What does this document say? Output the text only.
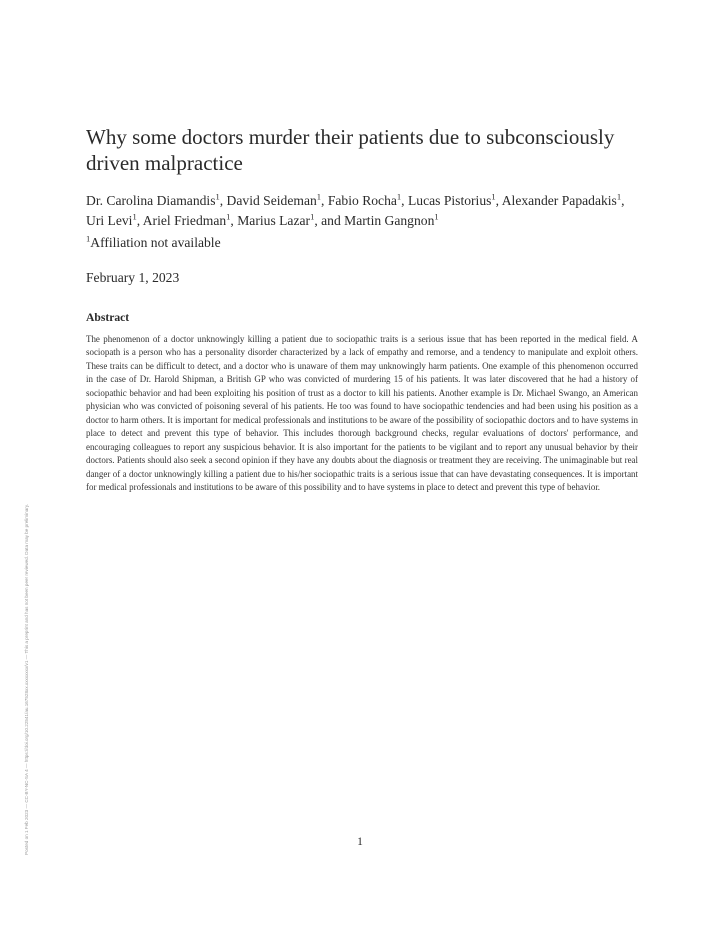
Why some doctors murder their patients due to subconsciously driven malpractice

Dr. Carolina Diamandis$^1$, David Seideman$^1$, Fabio Rocha$^1$, Lucas Pistorius$^1$, Alexander Papadakis$^1$, Uri Levi$^1$, Ariel Friedman$^1$, Marius Lazar$^1$, and Martin Gangnon$^1$

$^1$Affiliation not available

February 1, 2023

Abstract

The phenomenon of a doctor unknowingly killing a patient due to sociopathic traits is a serious issue that has been reported in the medical field. A sociopath is a person who has a personality disorder characterized by a lack of empathy and remorse, and a tendency to manipulate and exploit others. These traits can be difficult to detect, and a doctor who is unaware of them may unknowingly harm patients. One example of this phenomenon occurred in the case of Dr. Harold Shipman, a British GP who was convicted of murdering 15 of his patients. It was later discovered that he had a history of sociopathic behavior and had been exploiting his position of trust as a doctor to kill his patients. Another example is Dr. Michael Swango, an American physician who was convicted of poisoning several of his patients. He too was found to have sociopathic tendencies and had been using his position as a doctor to harm others. It is important for medical professionals and institutions to be aware of the possibility of sociopathic doctors and to have systems in place to detect and prevent this type of behavior. This includes thorough background checks, regular evaluations of doctors' performance, and encouraging colleagues to report any suspicious behavior. It is also important for the patients to be vigilant and to report any unusual behavior by their doctors. Patients should also seek a second opinion if they have any doubts about the diagnosis or treatment they are receiving. The unimaginable but real danger of a doctor unknowingly killing a patient due to his/her sociopathic traits is a serious issue that can have devastating consequences. It is important for medical professionals and institutions to be aware of this possibility and to have systems in place to detect and prevent this type of behavior.

Posted on 1 Feb 2023 — CC-BY-NC-SA 4 — https://doi.org/10.22541/au.167528xx.xxxxxxxx/v1 — This a preprint and has not been peer reviewed. Data may be preliminary.	1
